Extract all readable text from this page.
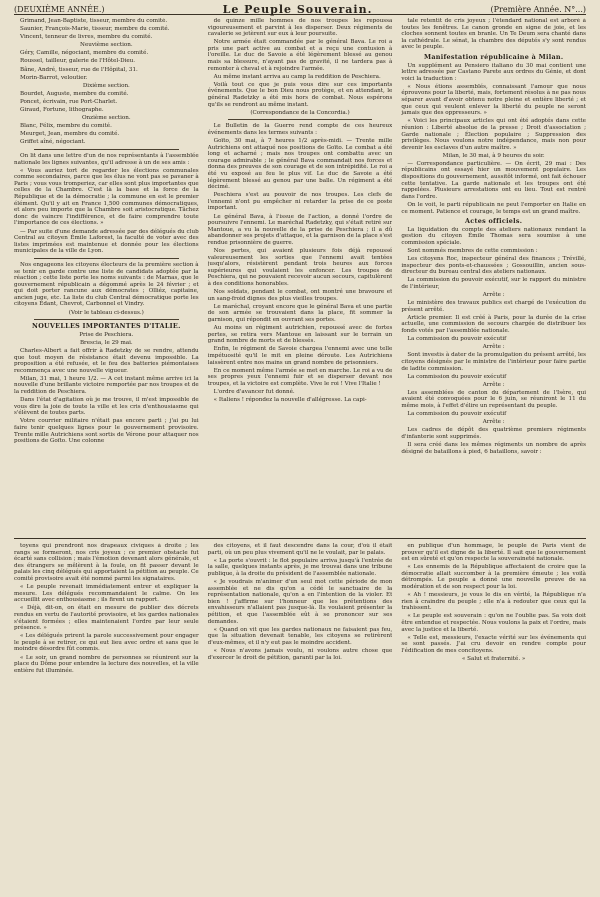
(DEUXIÈME ANNÉE.)	Le Peuple Souverain.	(Première Année. N°...)

Grimand, Jean-Baptiste, tisseur, membre du comité.

Saunier, François-Marie, tisseur, membre du comité.

Vincent, tenneur de livres, membre du comité.

Neuvième section.

Géry, Camille, négociant, membre du comité.

Roussel, tailleur, galerie de l'Hôtel-Dieu.

Bâne, André, tisseur, rue de l'Hôpital, 31.

Morin-Barrot, veloutier.

Dixième section.

Bourdet, Auguste, membre du comité.

Poncet, écrivain, rue Port-Charlet.

Giraud, Fortune, lithographe.

Onzième section.

Blanc, Félix, membre du comité.

Meurget, Jean, membre du comité.

Griffet aîné, négociant.

On lit dans une lettre d'un de nos représentants à l'assemblée nationale les lignes suivantes, qu'il adresse à un de ses amis :

« Vous auriez tort de regarder les élections communales comme secondaires, parce que les élus ne vont pas se pavaner à Paris ; vous vous tromperiez, car elles sont plus importantes que celles de la Chambre. C'est là la base et la force de la République et de la démocratie ; la commune en est le premier élément. Qu'il y ait en France 1,500 communes démocratiques, et alors peu importe que la Chambre soit aristocratique. Tâchez donc de vaincre l'indifférence, et de faire comprendre toute l'importance de ces élections. »

— Par suite d'une demande adressée par des délégués du club Central au citoyen Émile Laforest, la faculté de voter avec des listes imprimées est maintenue et donnée pour les élections municipales de la ville de Lyon.

Nos engageons les citoyens électeurs de la première section à se tenir en garde contre une liste de candidats adoptée par la réaction ; cette liste porte les noms suivants : de Marnas, que le gouvernement républicain a dégommé après le 24 février ; et qui doit porter rancune aux démocrates ; Olliéz, capitaine, ancien juge, etc. La liste du club Central démocratique porte les citoyens Édant, Chevrot, Carbonnel et Vindry.

(Voir le tableau ci-dessus.)

NOUVELLES IMPORTANTES D'ITALIE.

Prise de Peschiera.

Brescia, le 29 mai.

Charles-Albert a fait offrir à Radetzky de se rendre, attendu que tout moyen de résistance était devenu impossible. La proposition a été refusée, et le feu des batteries piémontaises recommença avec une nouvelle vigueur.

Milan, 31 mai, 1 heure 1/2. — A cet instant même arrive ici la nouvelle d'une brillante victoire remportée par nos troupes et de la reddition de Peschiera.

Dans l'état d'agitation où je me trouve, il m'est impossible de vous dire la joie de toute la ville et les cris d'enthousiasme qui s'élèvent de toutes parts.

Votre courrier militaire n'était pas encore parti ; j'ai pu lui faire tenir quelques lignes pour le gouvernement provisoire. Trente mille Autrichiens sont sortis de Vérone pour attaquer nos positions de Goïto. Une colonne

de quinze mille hommes de nos troupes les repoussa vigoureusement et parvint à les disperser. Deux régiments de cavalerie se jetèrent sur eux à leur poursuite.

Notre armée était commandée par le général Bava. Le roi a pris une part active au combat et a reçu une contusion à l'oreille. Le duc de Savoie a été légèrement blessé au genou mais sa blessure, n'ayant pas de gravité, il ne tardera pas à remonter à cheval et à rejoindre l'armée.

Au même instant arriva au camp la reddition de Peschiera.

Voilà tout ce que je puis vous dire sur ces importants événements. Que le bon Dieu nous protège, et en attendant, le général Radetzky a été mis hors de combat. Nous espérons qu'ils se rendront au même instant.

(Correspondance de la Concordia.)

Le Bulletin de la Guerre rend compte de ces heureux événements dans les termes suivants :

Goïto, 30 mai, à 7 heures 1/2 après-midi. — Trente mille Autrichiens ont attaqué nos positions de Goïto. Le combat a été long et acharné ; mais nos troupes ont combattu avec un courage admirable ; le général Bava commandait nos forces et donna des preuves de son courage et de son intrépidité. Le roi a été vu exposé au feu le plus vif. Le duc de Savoie a été légèrement blessé au genou par une balle. Un régiment a été décimé.

Peschiera s'est au pouvoir de nos troupes. Les clefs de l'ennemi n'ont pu empêcher ni retarder la prise de ce poste important.

Le général Bava, à l'issue de l'action, a donné l'ordre de poursuivre l'ennemi. Le maréchal Radetzky, qui s'était retiré sur Mantoue, a vu la nouvelle de la prise de Peschiera ; il a dû abandonner ses projets d'attaque, et la garnison de la place s'est rendue prisonnière de guerre.

Nos pertes, qui avaient plusieurs fois déjà repoussé valeureusement les sorties que l'ennemi avait tentées jusqu'alors, résistèrent pendant trois heures aux forces supérieures qui voulaient les enfoncer. Les troupes de Peschiera, qui ne pouvaient recevoir aucun secours, capitulèrent à des conditions honorables.

Nos soldats, pendant le combat, ont montré une bravoure et un sang-froid dignes des plus vieilles troupes.

Le maréchal, croyant encore que le général Bava et une partie de son armée se trouvaient dans la place, fit sommer la garnison, qui répondit en ouvrant ses portes.

Au moins un régiment autrichien, repoussé avec de fortes pertes, se retira vers Mantoue en laissant sur le terrain un grand nombre de morts et de blessés.

Enfin, le régiment de Savoie chargea l'ennemi avec une telle impétuosité qu'il le mit en pleine déroute. Les Autrichiens laissèrent entre nos mains un grand nombre de prisonniers.

En ce moment même l'armée se met en marche. Le roi a vu de ses propres yeux l'ennemi fuir et se disperser devant nos troupes, et la victoire est complète. Vive le roi ! Vive l'Italie !

L'ordre d'avancer fut donné.

« Italiens ! répondez la nouvelle d'allégresse. La capi-

tale retentit de cris joyeux ; l'étendard national est arboré à toutes les fenêtres. Le canon gronde en signe de joie, et les cloches sonnent toutes en branle. Un Te Deum sera chanté dans la cathédrale. Le sénat, la chambre des députés s'y sont rendus avec le peuple.

Manifestation républicaine à Milan.

Un supplément au Pensiero italiano du 30 mai contient une lettre adressée par Castano Parete aux ordres du Génie, et dont voici la traduction :

« Nous étions assemblés, connaissant l'amour que nous éprouvons pour la liberté, mais, fortement résolus à ne pas nous séparer avant d'avoir obtenu notre pleine et entière liberté ; et que ceux qui veulent enlever la liberté du peuple ne seront jamais que des oppresseurs. »

« Voici les principaux articles qui ont été adoptés dans cette réunion : Liberté absolue de la presse ; Droit d'association ; Garde nationale ; Élection populaire ; Suppression des privilèges. Nous voulons notre indépendance, mais non pour devenir les esclaves d'un autre maître. »

Milan, le 30 mai, à 9 heures du soir.

— Correspondance particulière. — On écrit, 29 mai : Des républicains ont essayé hier un mouvement populaire. Les dispositions du gouvernement, aussitôt informé, ont fait échouer cette tentative. La garde nationale et les troupes ont été rappelées. Plusieurs arrestations ont eu lieu. Tout est rentré dans l'ordre.

On le voit, le parti républicain ne peut l'emporter en Italie en ce moment. Patience et courage, le temps est un grand maître.

Actes officiels.

La liquidation du compte des ateliers nationaux rendant la gestion du citoyen Émile Thomas sera soumise à une commission spéciale.

Sont nommés membres de cette commission :

Les citoyens Roc, inspecteur général des finances ; Trévillé, inspecteur des ponts-et-chaussées ; Gossouillin, ancien sous-directeur du bureau central des ateliers nationaux.

La commission du pouvoir exécutif, sur le rapport du ministre de l'intérieur,

Arrête :

Le ministère des travaux publics est chargé de l'exécution du présent arrêté.

Article premier. Il est créé à Paris, pour la durée de la crise actuelle, une commission de secours chargée de distribuer les fonds votés par l'assemblée nationale.

La commission du pouvoir exécutif

Arrête :

Sont investis à dater de la promulgation du présent arrêté, les citoyens désignés par le ministre de l'intérieur pour faire partie de ladite commission.

La commission du pouvoir exécutif

Arrête :

Les assemblées de canton du département de l'Isère, qui avaient été convoquées pour le 6 juin, se réuniront le 11 du même mois, à l'effet d'élire un représentant du peuple.

La commission du pouvoir exécutif

Arrête :

Les cadres de dépôt des quatrième premiers régiments d'infanterie sont supprimés.

Il sera créé dans les mêmes régiments un nombre de après désigné de bataillons à pied, 6 bataillons, savoir :

toyens qui prendront nos drapeaux civiques à droite ; les rangs se formeront, nos cris joyeux ; ce premier obstacle fut écarté sans collision ; mais l'émotion devenant alors générale, et des étrangers se mêlèrent à la foule, on fit passer devant le palais les cinq délégués qui apportaient la pétition au peuple. Ce comité provisoire avait été nommé parmi les signataires.

« Le peuple revenait immédiatement entrer et expliquer la mesure. Les délégués recommandaient le calme. On les accueillit avec enthousiasme ; ils firent un rapport.

« Déjà, dit-on, on était en mesure de publier des décrets rendus en vertu de l'autorité provisoire, et les gardes nationales s'étaient formées ; elles maintenaient l'ordre par leur seule présence. »

« Les délégués prirent la parole successivement pour engager le peuple à se retirer, ce qui eut lieu avec ordre et sans que le moindre désordre fût commis.

« Le soir, un grand nombre de personnes se réunirent sur la place du Dôme pour entendre la lecture des nouvelles, et la ville entière fut illuminée.

des citoyens, et il faut descendre dans la cour, d'où il était parti, où un peu plus vivement qu'il ne le voulait, par le palais.

« La porte s'ouvrit : le flot populaire arriva jusqu'à l'entrée de la salle, quelques instants après, je me trouvai dans une tribune publique, à la droite du président de l'assemblée nationale.

« Je voudrais m'animer d'un seul mot cette période de mon assemblée et ne dis qu'on a cédé le sanctuaire de la représentation nationale, qu'on a en l'intention de la violer. Et bien ! j'affirme sur l'honneur que les prétentions des envahisseurs n'allaient pas jusque-là. Ils voulaient présenter la pétition, et que l'assemblée eût à se prononcer sur ses demandes.

« Quand on vit que les gardes nationaux ne faisaient pas feu, que la situation devenait tenable, les citoyens se retirèrent d'eux-mêmes, et il n'y eut pas le moindre accident.

« Nous n'avons jamais voulu, ni voulons autre chose que d'exercer le droit de pétition, garanti par la loi.

en publique d'un hommage, le peuple de Paris vient de prouver qu'il est digne de la liberté. Il sait que le gouvernement est en sûreté et qu'on respecte la souveraineté nationale.

« Les ennemis de la République affectaient de croire que la démocratie allait succomber à la première émeute ; les voilà détrompés. Le peuple a donné une nouvelle preuve de sa modération et de son respect pour la loi.

« Ah ! messieurs, je vous le dis en vérité, la République n'a rien à craindre du peuple ; elle n'a à redouter que ceux qui la trahissent.

« Le peuple est souverain : qu'on ne l'oublie pas. Sa voix doit être entendue et respectée. Nous voulons la paix et l'ordre, mais avec la justice et la liberté.

« Telle est, messieurs, l'exacte vérité sur les événements qui se sont passés. J'ai cru devoir en rendre compte pour l'édification de mes concitoyens.

« Salut et fraternité. »
